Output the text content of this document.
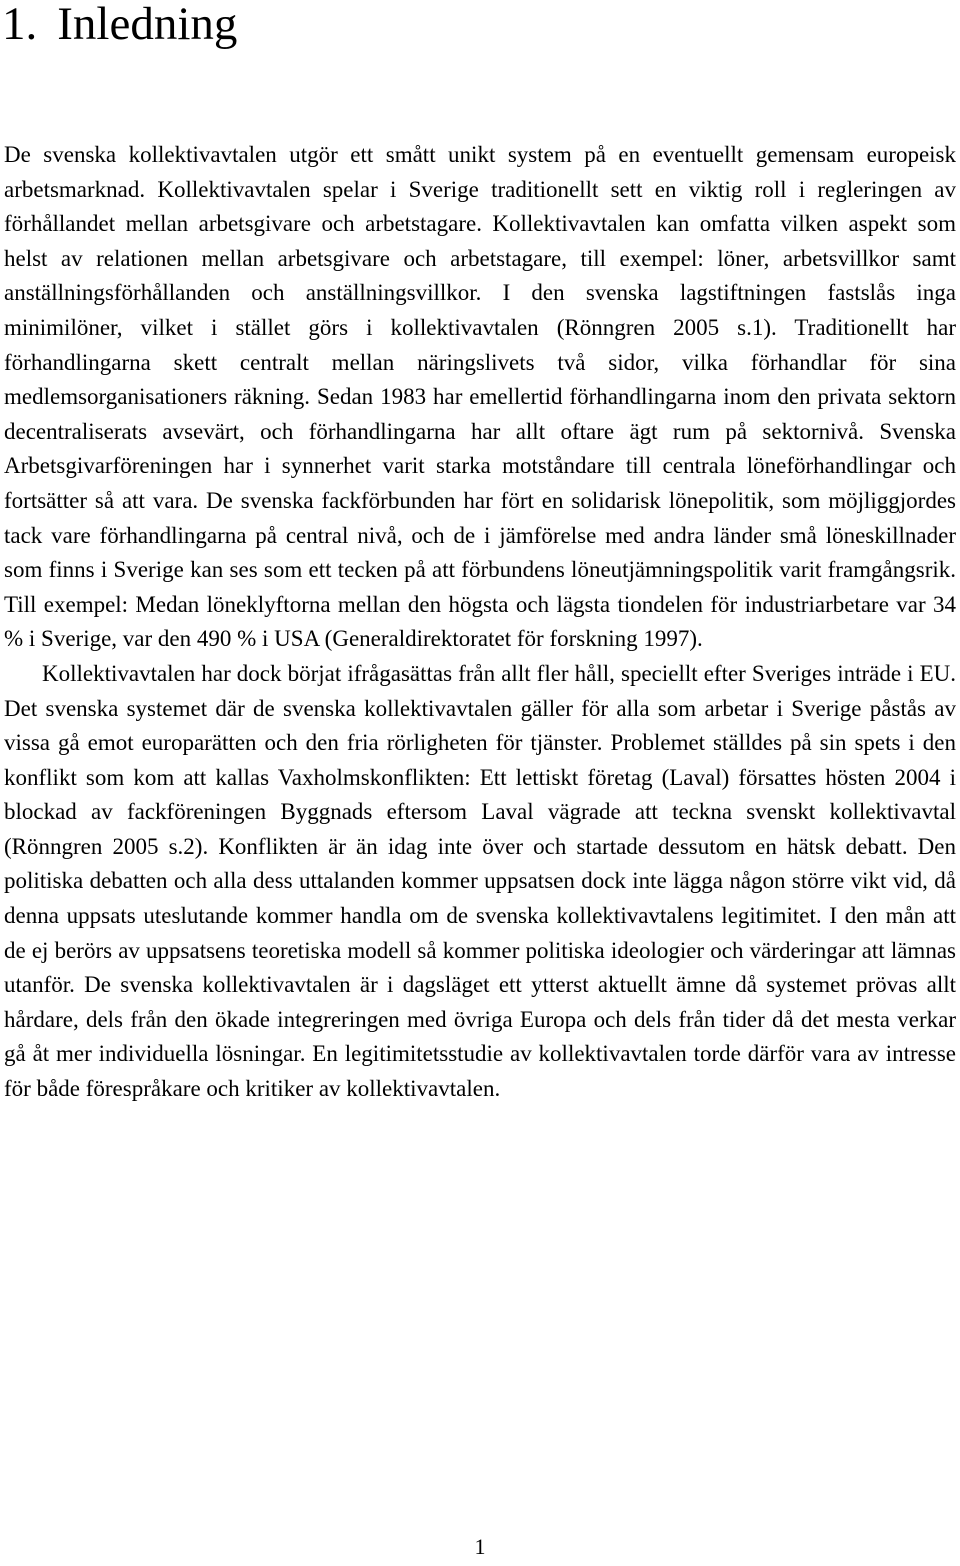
1. Inledning

De svenska kollektivavtalen utgör ett smått unikt system på en eventuellt gemensam europeisk arbetsmarknad. Kollektivavtalen spelar i Sverige traditionellt sett en viktig roll i regleringen av förhållandet mellan arbetsgivare och arbetstagare. Kollektivavtalen kan omfatta vilken aspekt som helst av relationen mellan arbetsgivare och arbetstagare, till exempel: löner, arbetsvillkor samt anställningsförhållanden och anställningsvillkor. I den svenska lagstiftningen fastslås inga minimilöner, vilket i stället görs i kollektivavtalen (Rönngren 2005 s.1). Traditionellt har förhandlingarna skett centralt mellan näringslivets två sidor, vilka förhandlar för sina medlemsorganisationers räkning. Sedan 1983 har emellertid förhandlingarna inom den privata sektorn decentraliserats avsevärt, och förhandlingarna har allt oftare ägt rum på sektornivå. Svenska Arbetsgivarföreningen har i synnerhet varit starka motståndare till centrala löneförhandlingar och fortsätter så att vara. De svenska fackförbunden har fört en solidarisk lönepolitik, som möjliggjordes tack vare förhandlingarna på central nivå, och de i jämförelse med andra länder små löneskillnader som finns i Sverige kan ses som ett tecken på att förbundens löneutjämningspolitik varit framgångsrik. Till exempel: Medan löneklyftorna mellan den högsta och lägsta tiondelen för industriarbetare var 34 % i Sverige, var den 490 % i USA (Generaldirektoratet för forskning 1997).

Kollektivavtalen har dock börjat ifrågasättas från allt fler håll, speciellt efter Sveriges inträde i EU. Det svenska systemet där de svenska kollektivavtalen gäller för alla som arbetar i Sverige påstås av vissa gå emot europarätten och den fria rörligheten för tjänster. Problemet ställdes på sin spets i den konflikt som kom att kallas Vaxholmskonflikten: Ett lettiskt företag (Laval) försattes hösten 2004 i blockad av fackföreningen Byggnads eftersom Laval vägrade att teckna svenskt kollektivavtal (Rönngren 2005 s.2). Konflikten är än idag inte över och startade dessutom en hätsk debatt. Den politiska debatten och alla dess uttalanden kommer uppsatsen dock inte lägga någon större vikt vid, då denna uppsats uteslutande kommer handla om de svenska kollektivavtalens legitimitet. I den mån att de ej berörs av uppsatsens teoretiska modell så kommer politiska ideologier och värderingar att lämnas utanför. De svenska kollektivavtalen är i dagsläget ett ytterst aktuellt ämne då systemet prövas allt hårdare, dels från den ökade integreringen med övriga Europa och dels från tider då det mesta verkar gå åt mer individuella lösningar. En legitimitetsstudie av kollektivavtalen torde därför vara av intresse för både förespråkare och kritiker av kollektivavtalen.

1
